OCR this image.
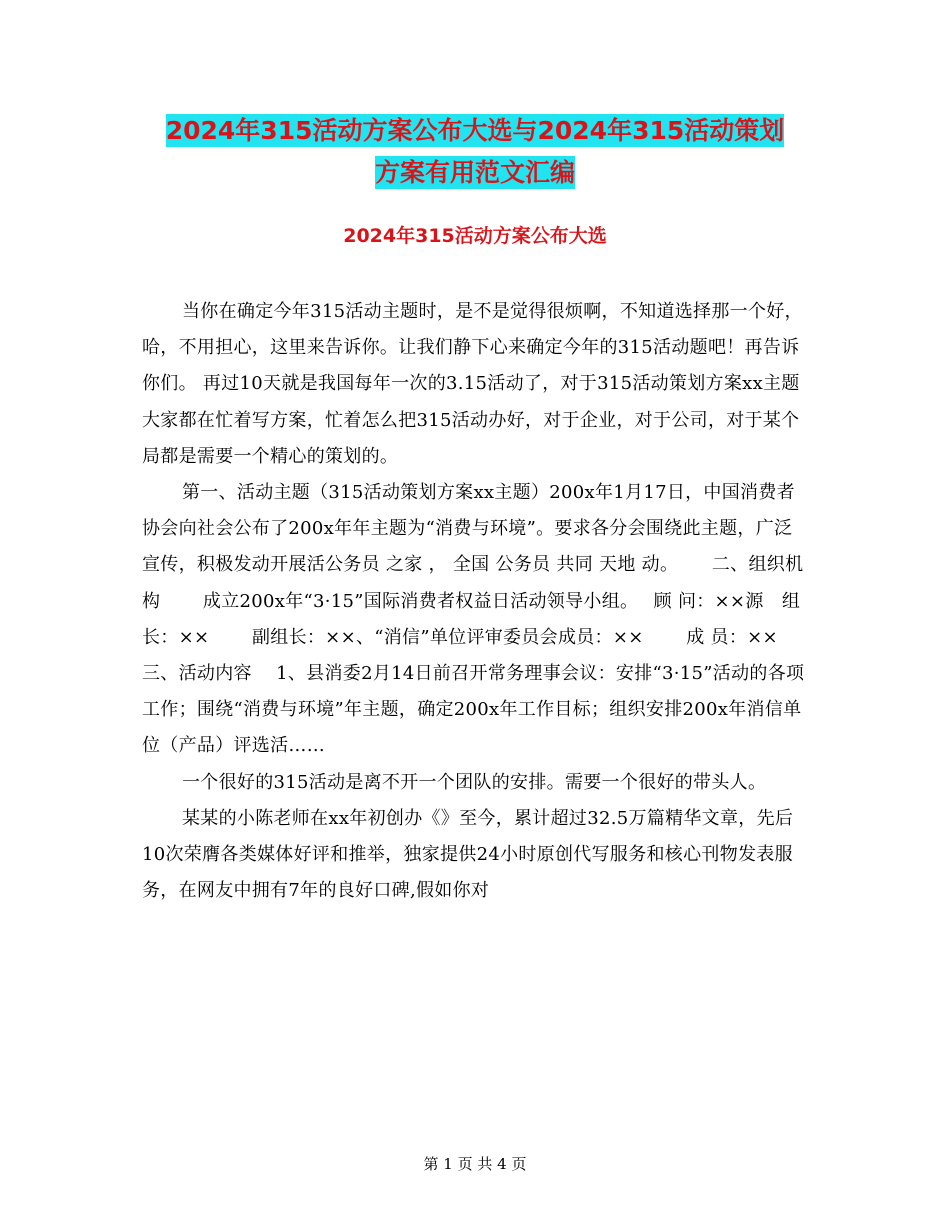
2024年315活动方案公布大选与2024年315活动策划
方案有用范文汇编
2024年315活动方案公布大选

当你在确定今年315活动主题时，是不是觉得很烦啊，不知道选择那一个好，哈，不用担心，这里来告诉你。让我们静下心来确定今年的315活动题吧！再告诉你们。 再过10天就是我国每年一次的3.15活动了，对于315活动策划方案xx主题大家都在忙着写方案，忙着怎么把315活动办好，对于企业，对于公司，对于某个局都是需要一个精心的策划的。

第一、活动主题（315活动策划方案xx主题）200x年1月17日，中国消费者协会向社会公布了200x年年主题为“消费与环境”。要求各分会围绕此主题，广泛宣传，积极发动开展活公务员 之家 ， 全国 公务员 共同 天地 动。　　 二、组织机构　　 成立200x年“3·15”国际消费者权益日活动领导小组。　 顾 问：××源　组 长：××　　 副组长：××、“消信”单位评审委员会成员：××　　 成 员：××　　 三、活动内容　 1、县消委2月14日前召开常务理事会议：安排“3·15”活动的各项工作；围绕“消费与环境”年主题，确定200x年工作目标；组织安排200x年消信单位（产品）评选活……

一个很好的315活动是离不开一个团队的安排。需要一个很好的带头人。

某某的小陈老师在xx年初创办《》至今，累计超过32.5万篇精华文章，先后10次荣膺各类媒体好评和推举，独家提供24小时原创代写服务和核心刊物发表服务，在网友中拥有7年的良好口碑,假如你对

第 1 页 共 4 页
